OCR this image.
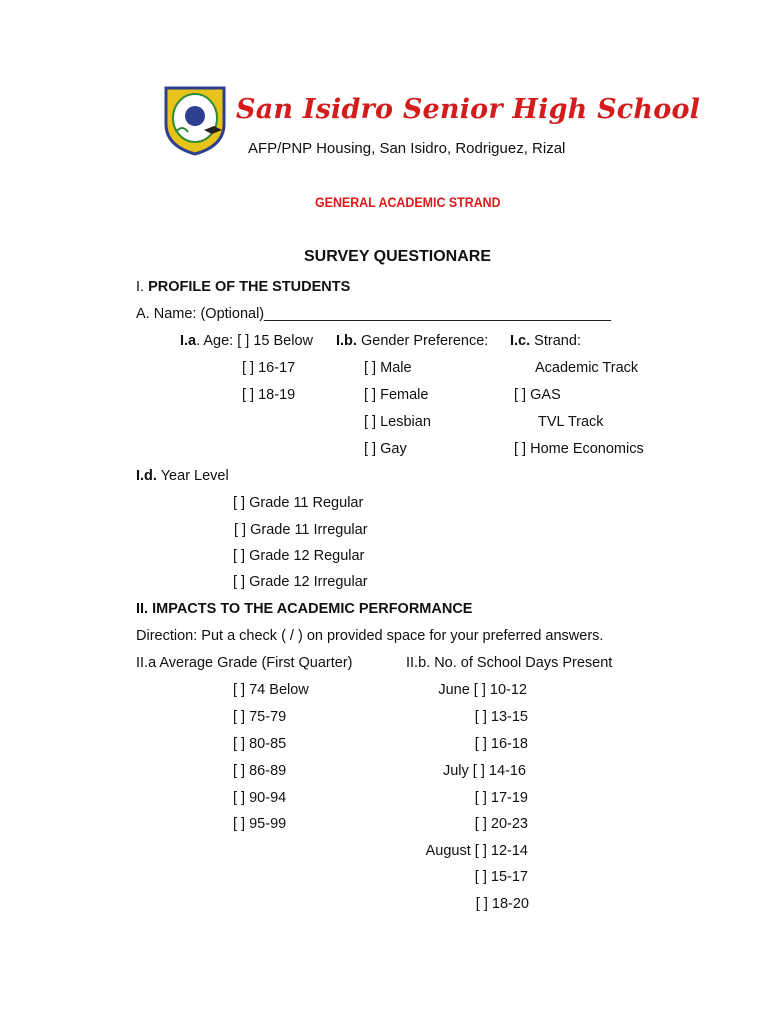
San Isidro Senior High School
AFP/PNP Housing, San Isidro, Rodriguez, Rizal
GENERAL ACADEMIC STRAND
SURVEY QUESTIONARE
I. PROFILE OF THE STUDENTS
A. Name: (Optional)___________________________________________
I.a. Age: [ ] 15 Below
[ ] 16-17
[ ] 18-19
I.b. Gender Preference:
[ ] Male
[ ] Female
[ ] Lesbian
[ ] Gay
I.c. Strand:
Academic Track
[ ] GAS
TVL Track
[ ] Home Economics
I.d. Year Level
[ ] Grade 11 Regular
[ ] Grade 11 Irregular
[ ] Grade 12 Regular
[ ] Grade 12 Irregular
II. IMPACTS TO THE ACADEMIC PERFORMANCE
Direction: Put a check ( / ) on provided space for your preferred answers.
II.a Average Grade (First Quarter)	II.b. No. of School Days Present
[ ] 74 Below
[ ] 75-79
[ ] 80-85
[ ] 86-89
[ ] 90-94
[ ] 95-99
June [ ] 10-12
[ ] 13-15
[ ] 16-18
July [ ] 14-16
[ ] 17-19
[ ] 20-23
August [ ] 12-14
[ ] 15-17
[ ] 18-20
